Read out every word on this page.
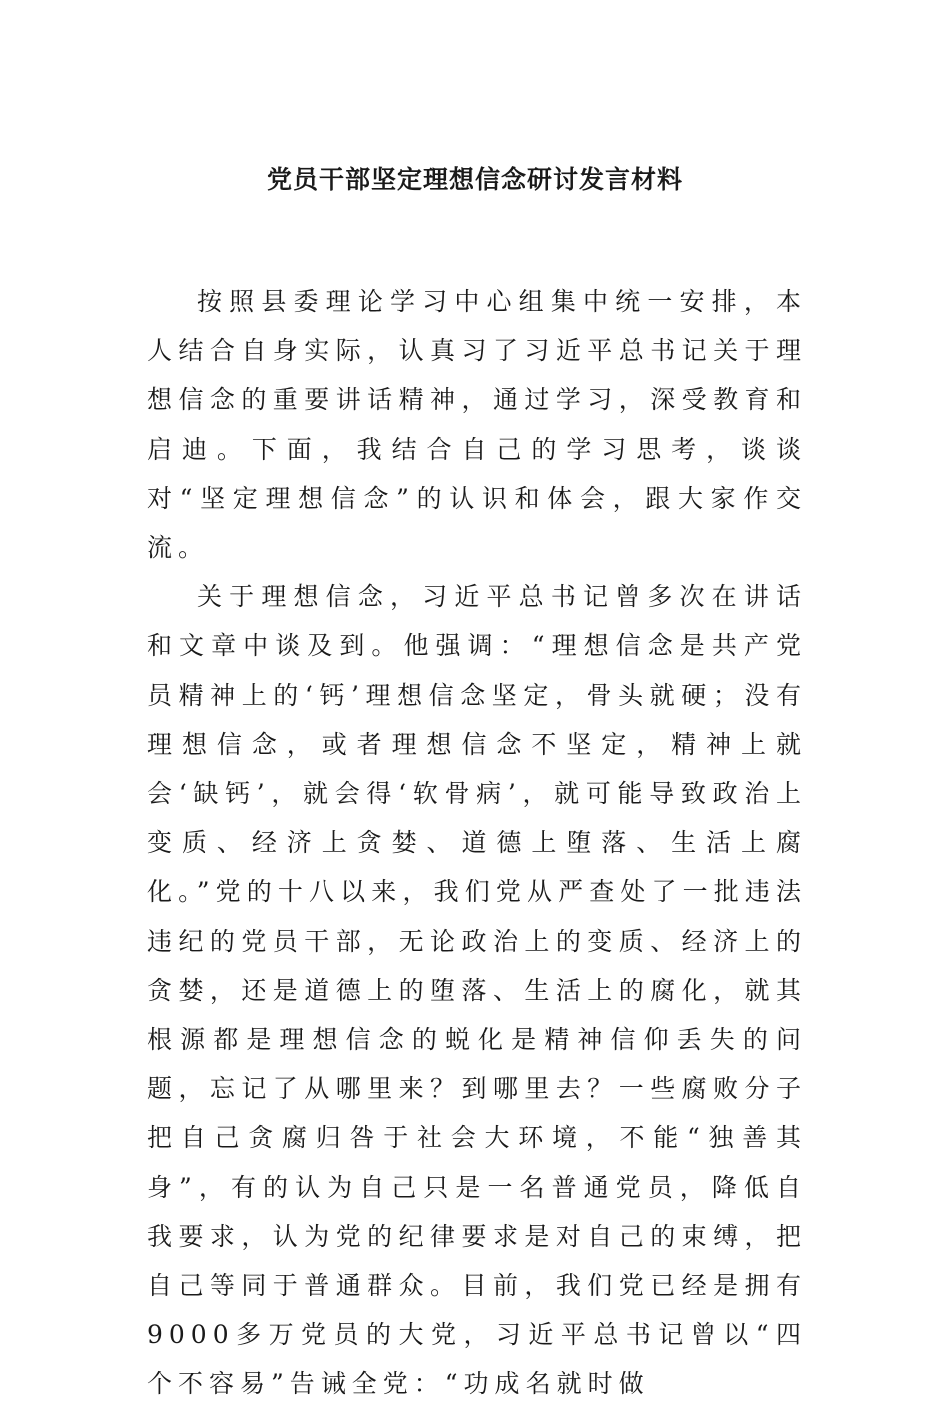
党员干部坚定理想信念研讨发言材料

按照县委理论学习中心组集中统一安排，本人结合自身实际，认真习了习近平总书记关于理想信念的重要讲话精神，通过学习，深受教育和启迪。下面，我结合自己的学习思考，谈谈对“坚定理想信念”的认识和体会，跟大家作交流。

关于理想信念，习近平总书记曾多次在讲话和文章中谈及到。他强调：“理想信念是共产党员精神上的‘钙’理想信念坚定，骨头就硬；没有理想信念，或者理想信念不坚定，精神上就会‘缺钙’，就会得‘软骨病’，就可能导致政治上变质、经济上贪婪、道德上堕落、生活上腐化。”党的十八以来，我们党从严查处了一批违法违纪的党员干部，无论政治上的变质、经济上的贪婪，还是道德上的堕落、生活上的腐化，就其根源都是理想信念的蜕化是精神信仰丢失的问题，忘记了从哪里来？到哪里去？一些腐败分子把自己贪腐归咎于社会大环境，不能“独善其身”，有的认为自己只是一名普通党员，降低自我要求，认为党的纪律要求是对自己的束缚，把自己等同于普通群众。目前，我们党已经是拥有9000多万党员的大党，习近平总书记曾以“四个不容易”告诫全党：“功成名就时做
